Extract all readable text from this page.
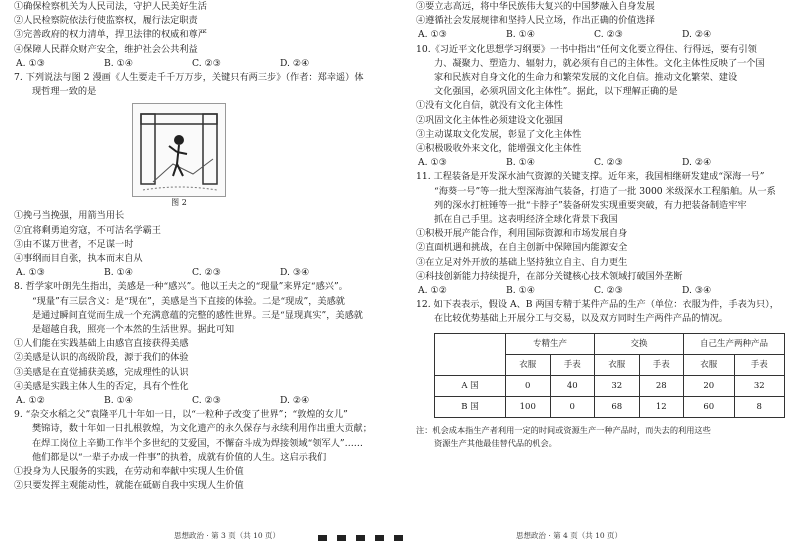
①确保检察机关为人民司法，守护人民美好生活
②人民检察院依法行使监察权，履行法定职责
③完善政府的权力清单，捍卫法律的权威和尊严
④保障人民群众财产安全，维护社会公共利益
A. ①③	B. ①④	C. ②③	D. ②④
7. 下列说法与图 2 漫画《人生要走千千万万步，关键只有两三步》（作者：郑幸遥）体
现哲理一致的是
图 2
①挽弓当挽强，用箭当用长
②宜将剩勇追穷寇，不可沽名学霸王
③由不谋万世者，不足谋一时
④事纲而目自张，执本而末自从
A. ①③	B. ①④	C. ②③	D. ③④
8. 哲学家叶朗先生指出，美感是一种“感兴”。他以王夫之的“现量”来界定“感兴”。
“现量”有三层含义：是“现在”，美感是当下直接的体验。二是“现成”，美感就
是通过瞬间直觉而生成一个充满意蕴的完整的感性世界。三是“显现真实”，美感就
是超越自我，照亮一个本然的生活世界。据此可知
①人们能在实践基础上由感官直接获得美感
②美感是认识的高级阶段，源于我们的体验
③美感是在直觉捕获美感，完成理性的认识
④美感是实践主体人生的否定，具有个性化
A. ①②	B. ①④	C. ②③	D. ②④
9. “杂交水稻之父”袁隆平几十年如一日，以“一粒种子改变了世界”；“敦煌的女儿”
樊锦诗，数十年如一日扎根敦煌，为文化遗产的永久保存与永续利用作出重大贡献；
在焊工岗位上辛勤工作半个多世纪的艾爱国，不懈奋斗成为焊接领域“领军人”……
他们都是以“一辈子办成一件事”的执着，成就有价值的人生。这启示我们
①投身为人民服务的实践，在劳动和奉献中实现人生价值
②只要发挥主观能动性，就能在砥砺自我中实现人生价值
思想政治 · 第 3 页（共 10 页）
③要立志高远，将中华民族伟大复兴的中国梦融入自身发展
④遵循社会发展规律和坚持人民立场，作出正确的价值选择
A. ①③	B. ①④	C. ②③	D. ②④
10.《习近平文化思想学习纲要》一书中指出“任何文化要立得住、行得远，要有引领
力、凝聚力、塑造力、辐射力，就必须有自己的主体性。文化主体性反映了一个国
家和民族对自身文化的生命力和繁荣发展的文化自信。推动文化繁荣、建设
文化强国，必须巩固文化主体性”。据此，以下理解正确的是
①没有文化自信，就没有文化主体性
②巩固文化主体性必须建设文化强国
③主动谋取文化发展，彰显了文化主体性
④积极吸收外来文化，能增强文化主体性
A. ①③	B. ①④	C. ②③	D. ②④
11. 工程装备是开发深水油气资源的关键支撑。近年来，我国相继研发建成“深海一号”
“海葵一号”等一批大型深海油气装备，打造了一批 3000 米级深水工程船舶。从一系
列的深水打桩锤等一批“卡脖子”装备研发实现重要突破，有力把装备制造牢牢
抓在自己手里。这表明经济全球化背景下我国
①积极开展产能合作，利用国际资源和市场发展自身
②直面机遇和挑战，在自主创新中保障国内能源安全
③在立足对外开放的基础上坚持独立自主、自力更生
④科技创新能力持续提升，在部分关键核心技术领域打破国外垄断
A. ①②	B. ①④	C. ②③	D. ③④
12. 如下表表示，假设 A、B 两国专精于某件产品的生产（单位：衣服为件，手表为只），
在比较优势基础上开展分工与交易，以及双方同时生产两件产品的情况。
	专精生产		交换		自己生产两种产品	
	衣服	手表	衣服	手表	衣服	手表
A 国	0	40	32	28	20	32
B 国	100	0	68	12	60	8
注：机会成本指生产者利用一定的时间或资源生产一种产品时，而失去的利用这些
资源生产其他最佳替代品的机会。
思想政治 · 第 4 页（共 10 页）
